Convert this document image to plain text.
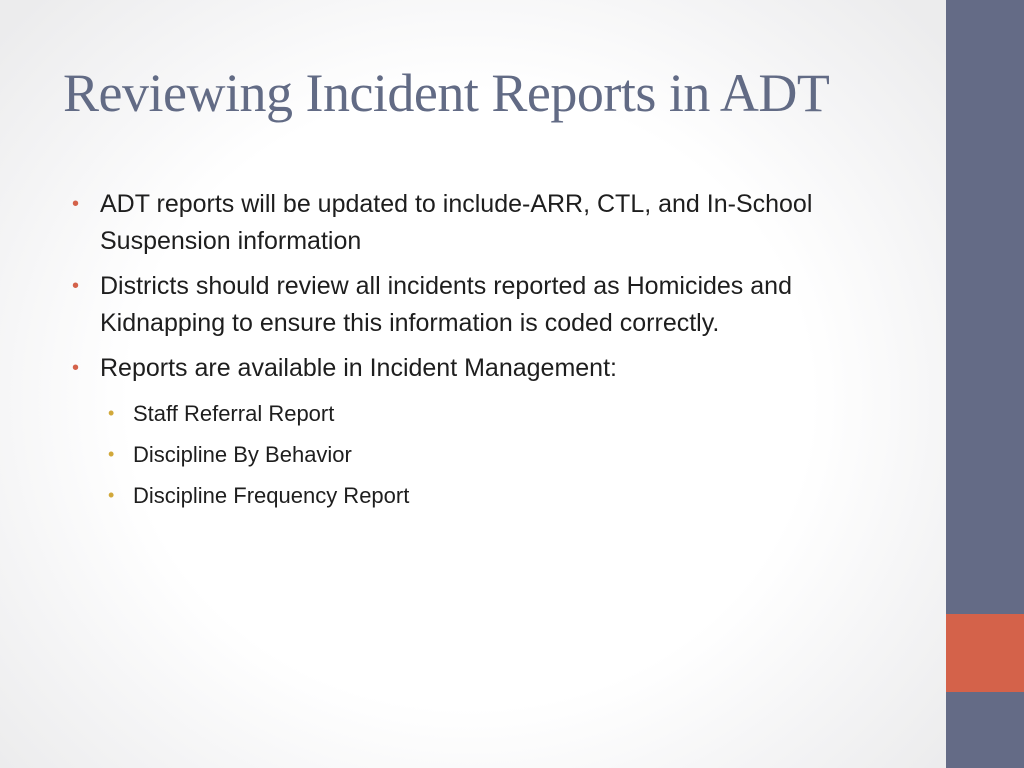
Reviewing Incident Reports in ADT
• ADT reports will be updated to include-ARR, CTL, and In-School Suspension information
• Districts should review all incidents reported as Homicides and Kidnapping to ensure this information is coded correctly.
• Reports are available in Incident Management:
• Staff Referral Report
• Discipline By Behavior
• Discipline Frequency Report
